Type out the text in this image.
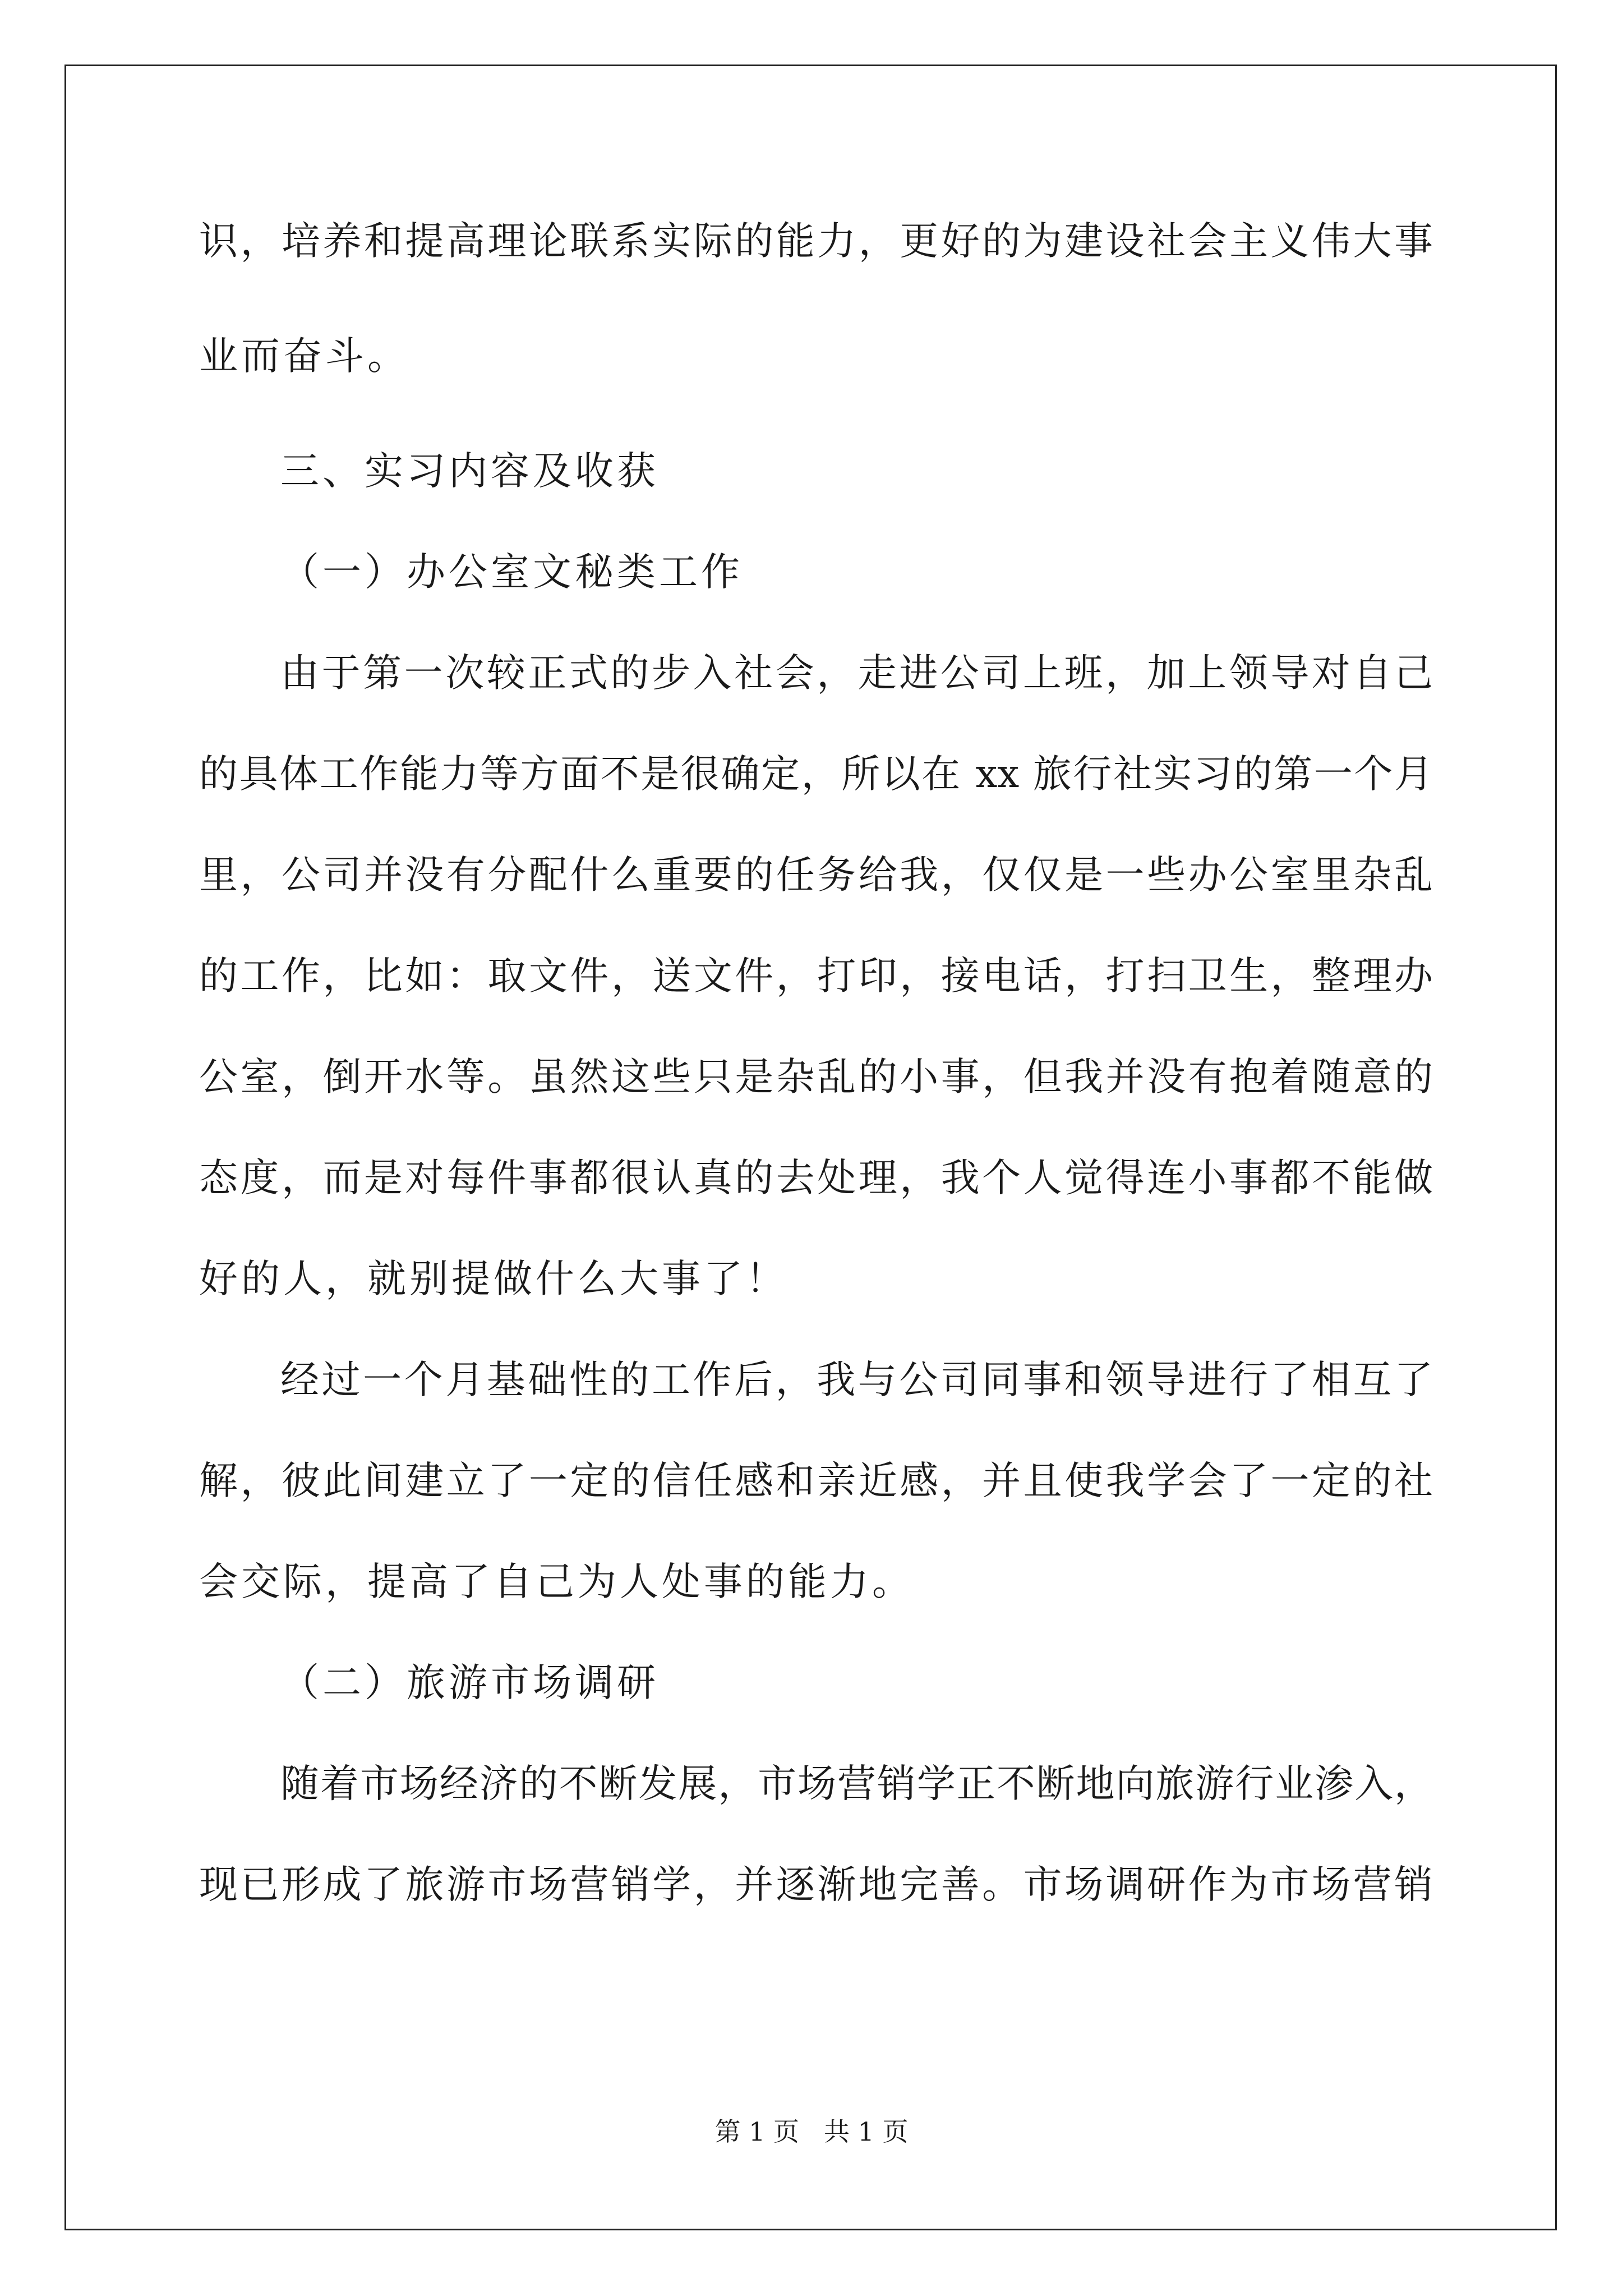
识，培养和提高理论联系实际的能力，更好的为建设社会主义伟大事
业而奋斗。
三、实习内容及收获
（一）办公室文秘类工作
由于第一次较正式的步入社会，走进公司上班，加上领导对自己
的具体工作能力等方面不是很确定，所以在 xx 旅行社实习的第一个月
里，公司并没有分配什么重要的任务给我，仅仅是一些办公室里杂乱
的工作，比如：取文件，送文件，打印，接电话，打扫卫生，整理办
公室，倒开水等。虽然这些只是杂乱的小事，但我并没有抱着随意的
态度，而是对每件事都很认真的去处理，我个人觉得连小事都不能做
好的人，就别提做什么大事了！
经过一个月基础性的工作后，我与公司同事和领导进行了相互了
解，彼此间建立了一定的信任感和亲近感，并且使我学会了一定的社
会交际，提高了自己为人处事的能力。
（二）旅游市场调研
随着市场经济的不断发展，市场营销学正不断地向旅游行业渗入，
现已形成了旅游市场营销学，并逐渐地完善。市场调研作为市场营销
第 1 页 共 1 页
